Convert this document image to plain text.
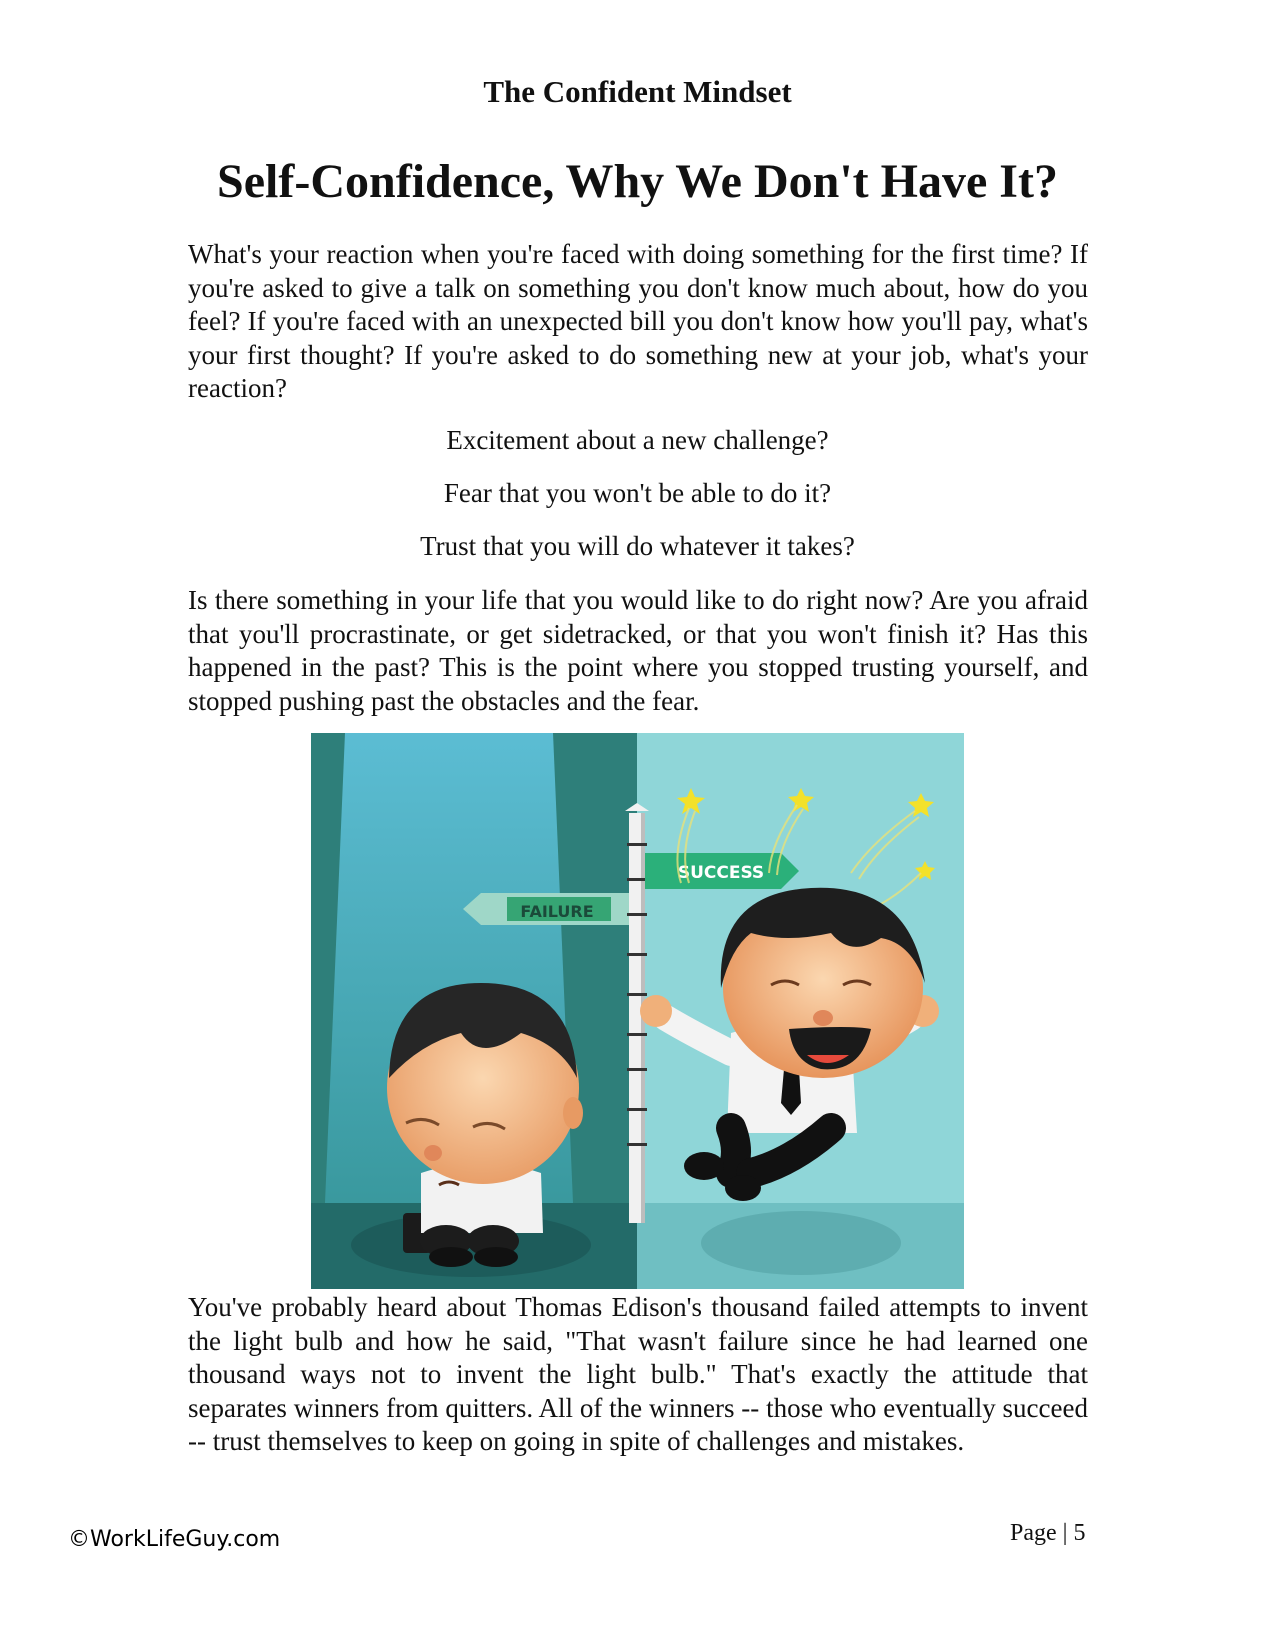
The Confident Mindset
Self-Confidence, Why We Don't Have It?

What's your reaction when you're faced with doing something for the first time? If you're asked to give a talk on something you don't know much about, how do you feel? If you're faced with an unexpected bill you don't know how you'll pay, what's your first thought? If you're asked to do something new at your job, what's your reaction?

Excitement about a new challenge?

Fear that you won't be able to do it?

Trust that you will do whatever it takes?

Is there something in your life that you would like to do right now? Are you afraid that you'll procrastinate, or get sidetracked, or that you won't finish it? Has this happened in the past? This is the point where you stopped trusting yourself, and stopped pushing past the obstacles and the fear.

FAILURE
SUCCESS

You've probably heard about Thomas Edison's thousand failed attempts to invent the light bulb and how he said, "That wasn't failure since he had learned one thousand ways not to invent the light bulb." That's exactly the attitude that separates winners from quitters. All of the winners -- those who eventually succeed -- trust themselves to keep on going in spite of challenges and mistakes.

©WorkLifeGuy.com	Page | 5
